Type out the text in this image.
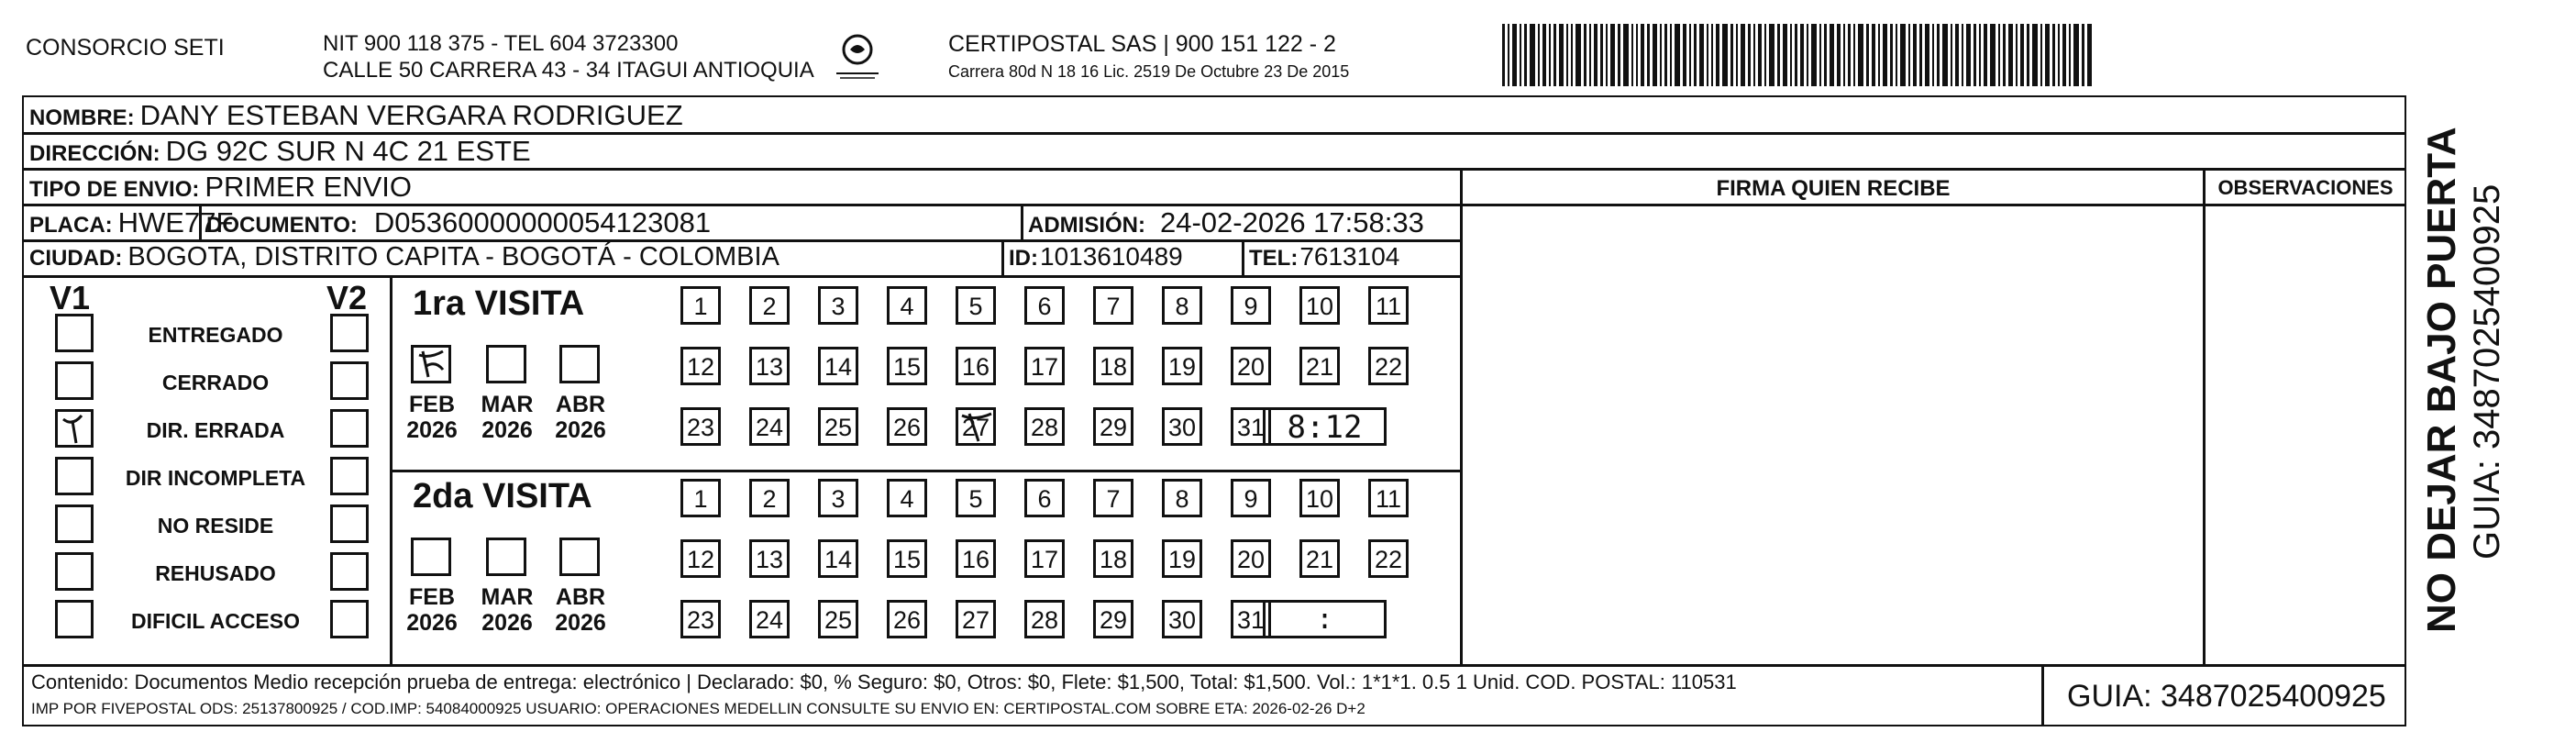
CONSORCIO SETI	NIT 900 118 375 - TEL 604 3723300
CALLE 50 CARRERA 43 - 34 ITAGUI ANTIOQUIA
CERTIPOSTAL SAS | 900 151 122 - 2
Carrera 80d N 18 16 Lic. 2519 De Octubre 23 De 2015
NOMBRE: DANY ESTEBAN VERGARA RODRIGUEZ
DIRECCIÓN: DG 92C SUR N 4C 21 ESTE
TIPO DE ENVIO: PRIMER ENVIO	FIRMA QUIEN RECIBE	OBSERVACIONES
PLACA: HWE77F
DOCUMENTO: D05360000000054123081	ADMISIÓN: 24-02-2026 17:58:33
CIUDAD: BOGOTA, DISTRITO CAPITA - BOGOTÁ - COLOMBIA	ID: 1013610489	TEL: 7613104
V1	V2
ENTREGADO
CERRADO
DIR. ERRADA
DIR INCOMPLETA
NO RESIDE
REHUSADO
DIFICIL ACCESO
1ra VISITA
2da VISITA
FEB
2026
MAR
2026
ABR
2026
1	2	3	4	5	6	7	8	9	10 11
12 13 14 15 16 17 18 19 20 21 22
23 24 25 26 27 28 29 30 31 8:12
FEB
2026
MAR
2026
ABR
2026
1	2	3	4	5	6	7	8	9	10 11
12 13 14 15 16 17 18 19 20 21 22
23 24 25 26 27 28 29 30 31	:
Contenido: Documentos Medio recepción prueba de entrega: electrónico | Declarado: $0, % Seguro: $0, Otros: $0, Flete: $1,500, Total: $1,500. Vol.: 1*1*1. 0.5 1 Unid. COD. POSTAL: 110531
IMP POR FIVEPOSTAL ODS: 25137800925 / COD.IMP: 54084000925 USUARIO: OPERACIONES MEDELLIN CONSULTE SU ENVIO EN: CERTIPOSTAL.COM SOBRE ETA: 2026-02-26 D+2	GUIA: 3487025400925
NO DEJAR BAJO PUERTA GUIA: 3487025400925
